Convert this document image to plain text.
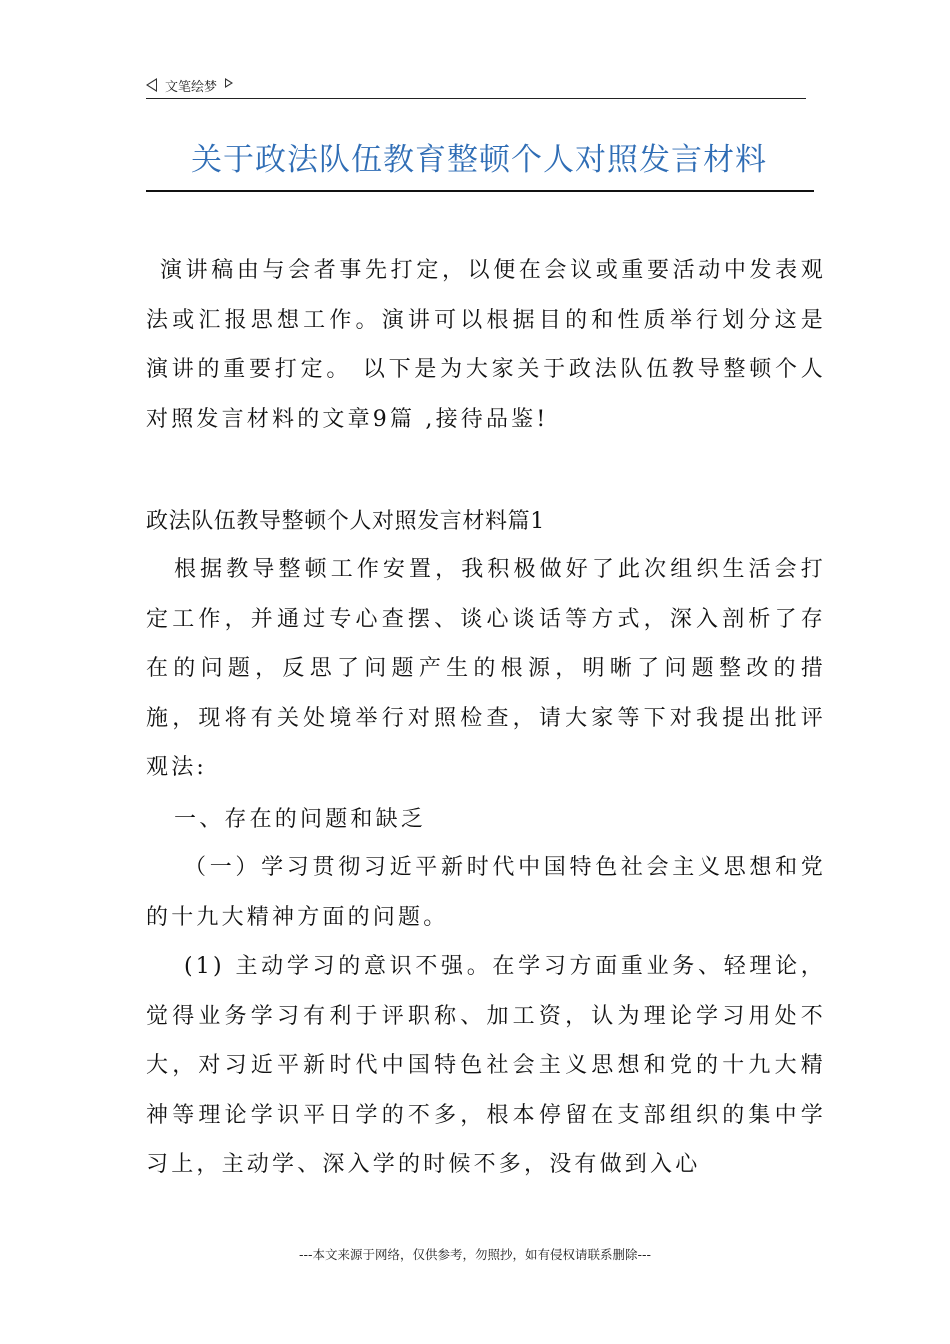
文笔绘梦
关于政法队伍教育整顿个人对照发言材料

演讲稿由与会者事先打定，以便在会议或重要活动中发表观法或汇报思想工作。演讲可以根据目的和性质举行划分这是演讲的重要打定。 以下是为大家关于政法队伍教导整顿个人对照发言材料的文章9篇 ,接待品鉴!

政法队伍教导整顿个人对照发言材料篇1

根据教导整顿工作安置，我积极做好了此次组织生活会打定工作，并通过专心查摆、谈心谈话等方式，深入剖析了存在的问题，反思了问题产生的根源，明晰了问题整改的措施，现将有关处境举行对照检查，请大家等下对我提出批评观法:

一、存在的问题和缺乏

（一）学习贯彻习近平新时代中国特色社会主义思想和党的十九大精神方面的问题。

(1) 主动学习的意识不强。在学习方面重业务、轻理论，觉得业务学习有利于评职称、加工资，认为理论学习用处不大，对习近平新时代中国特色社会主义思想和党的十九大精神等理论学识平日学的不多，根本停留在支部组织的集中学习上，主动学、深入学的时候不多，没有做到入心

---本文来源于网络，仅供参考，勿照抄，如有侵权请联系删除---
